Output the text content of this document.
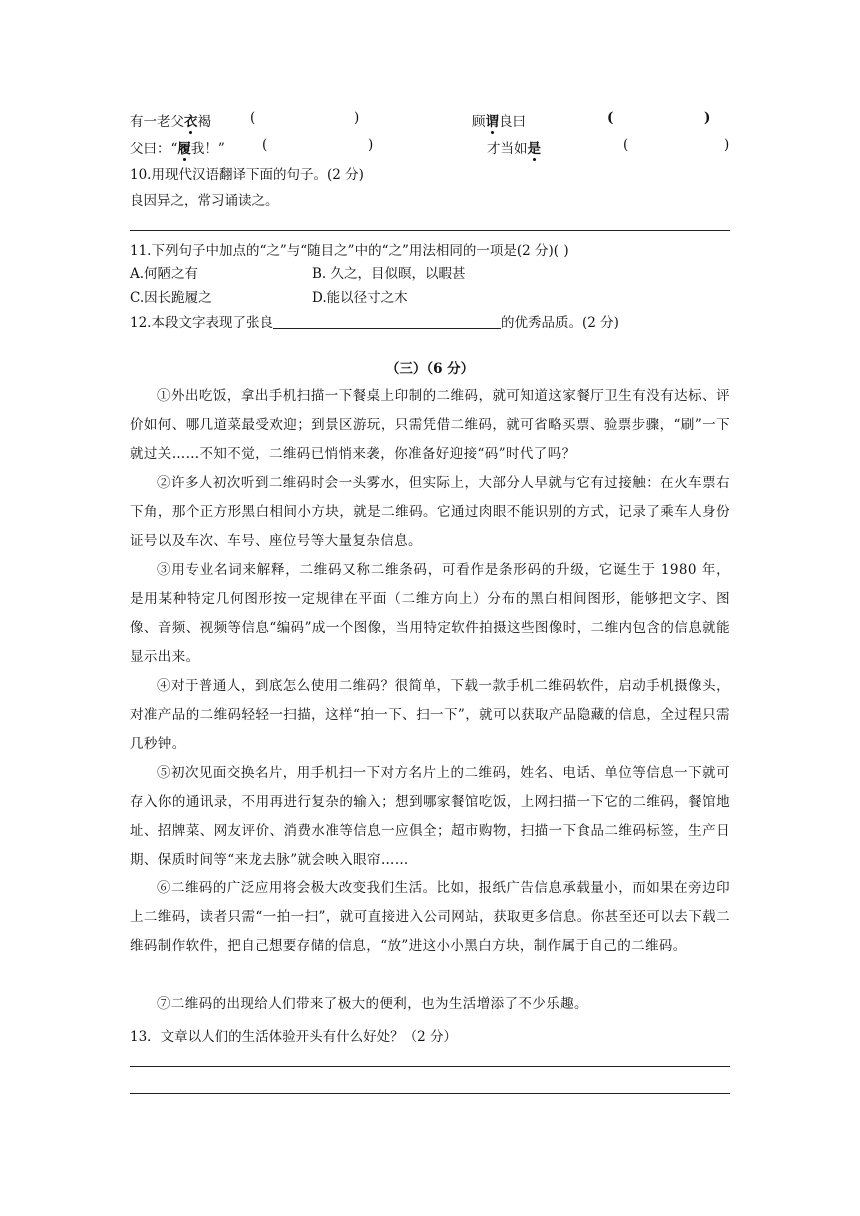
有一老父衣褐	(	)	顾谓良曰	(	)
父曰：“履我！”	(	)	才当如是	(	)
10.用现代汉语翻译下面的句子。(2 分)
良因异之，常习诵读之。
11.下列句子中加点的“之”与“随目之”中的“之”用法相同的一项是(2 分)( )
A.何陋之有	B. 久之，目似暝，以暇甚
C.因长跪履之	D.能以径寸之木
12.本段文字表现了张良	的优秀品质。(2 分)
（三）（6 分）
①外出吃饭，拿出手机扫描一下餐桌上印制的二维码，就可知道这家餐厅卫生有没有达标、评价如何、哪几道菜最受欢迎；到景区游玩，只需凭借二维码，就可省略买票、验票步骤，“刷”一下就过关……不知不觉，二维码已悄悄来袭，你准备好迎接“码”时代了吗？
②许多人初次听到二维码时会一头雾水，但实际上，大部分人早就与它有过接触：在火车票右下角，那个正方形黑白相间小方块，就是二维码。它通过肉眼不能识别的方式，记录了乘车人身份证号以及车次、车号、座位号等大量复杂信息。
③用专业名词来解释，二维码又称二维条码，可看作是条形码的升级，它诞生于 1980 年，是用某种特定几何图形按一定规律在平面（二维方向上）分布的黑白相间图形，能够把文字、图像、音频、视频等信息“编码”成一个图像，当用特定软件拍摄这些图像时，二维内包含的信息就能显示出来。
④对于普通人，到底怎么使用二维码？很简单，下载一款手机二维码软件，启动手机摄像头，对准产品的二维码轻轻一扫描，这样“拍一下、扫一下”，就可以获取产品隐藏的信息，全过程只需几秒钟。
⑤初次见面交换名片，用手机扫一下对方名片上的二维码，姓名、电话、单位等信息一下就可存入你的通讯录，不用再进行复杂的输入；想到哪家餐馆吃饭，上网扫描一下它的二维码，餐馆地址、招牌菜、网友评价、消费水准等信息一应俱全；超市购物，扫描一下食品二维码标签，生产日期、保质时间等“来龙去脉”就会映入眼帘……
⑥二维码的广泛应用将会极大改变我们生活。比如，报纸广告信息承载量小，而如果在旁边印上二维码，读者只需“一拍一扫”，就可直接进入公司网站，获取更多信息。你甚至还可以去下载二维码制作软件，把自己想要存储的信息，“放”进这小小黑白方块，制作属于自己的二维码。
⑦二维码的出现给人们带来了极大的便利，也为生活增添了不少乐趣。
13．文章以人们的生活体验开头有什么好处？（2 分）
